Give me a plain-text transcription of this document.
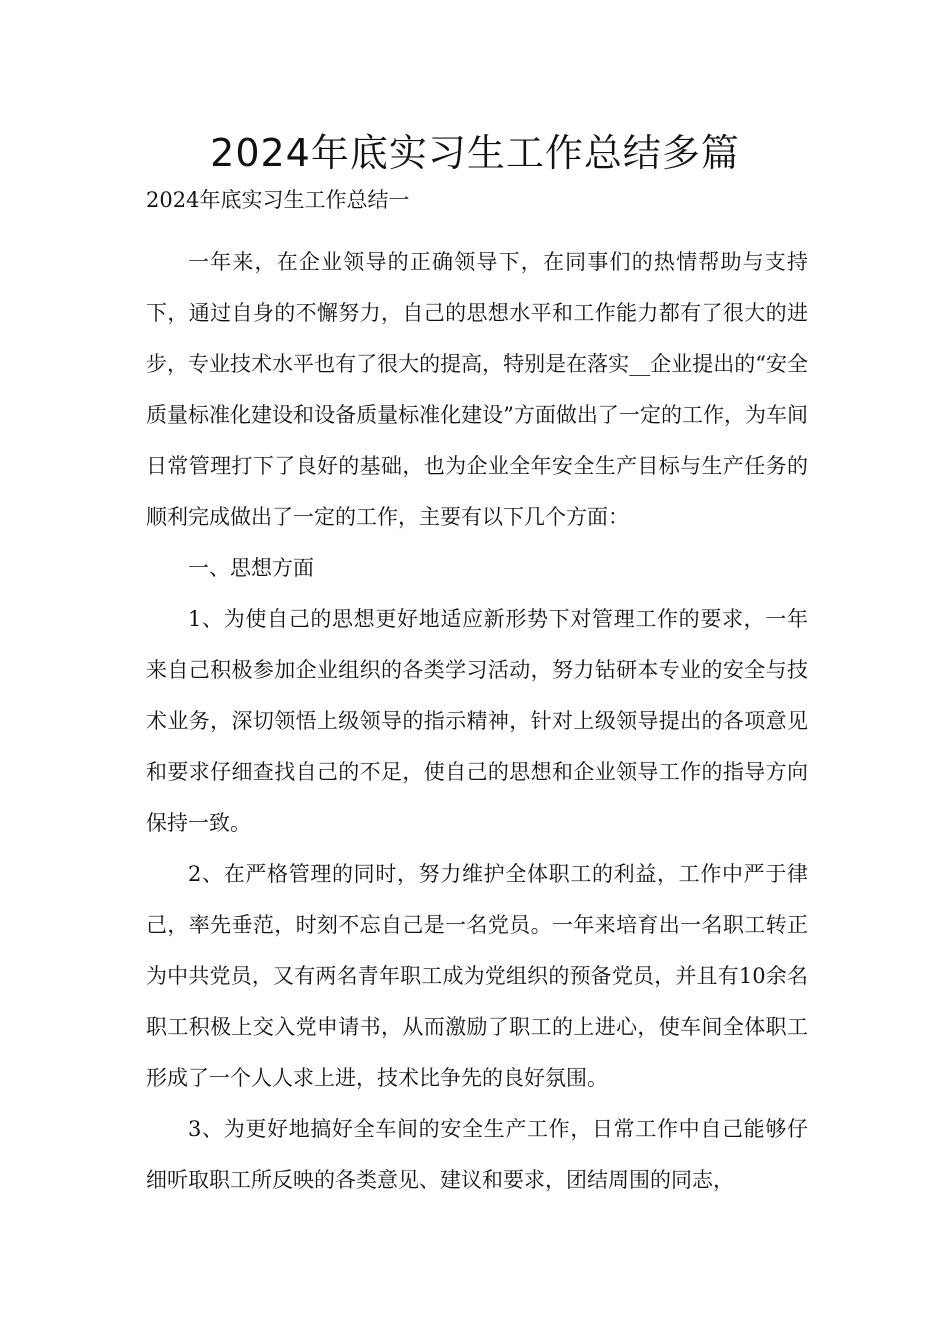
2024年底实习生工作总结多篇

2024年底实习生工作总结一

一年来，在企业领导的正确领导下，在同事们的热情帮助与支持下，通过自身的不懈努力，自己的思想水平和工作能力都有了很大的进步，专业技术水平也有了很大的提高，特别是在落实__企业提出的“安全质量标准化建设和设备质量标准化建设”方面做出了一定的工作，为车间日常管理打下了良好的基础，也为企业全年安全生产目标与生产任务的顺利完成做出了一定的工作，主要有以下几个方面：

一、思想方面

1、为使自己的思想更好地适应新形势下对管理工作的要求，一年来自己积极参加企业组织的各类学习活动，努力钻研本专业的安全与技术业务，深切领悟上级领导的指示精神，针对上级领导提出的各项意见和要求仔细查找自己的不足，使自己的思想和企业领导工作的指导方向保持一致。

2、在严格管理的同时，努力维护全体职工的利益，工作中严于律己，率先垂范，时刻不忘自己是一名党员。一年来培育出一名职工转正为中共党员，又有两名青年职工成为党组织的预备党员，并且有10余名职工积极上交入党申请书，从而激励了职工的上进心，使车间全体职工形成了一个人人求上进，技术比争先的良好氛围。

3、为更好地搞好全车间的安全生产工作，日常工作中自己能够仔细听取职工所反映的各类意见、建议和要求，团结周围的同志，
